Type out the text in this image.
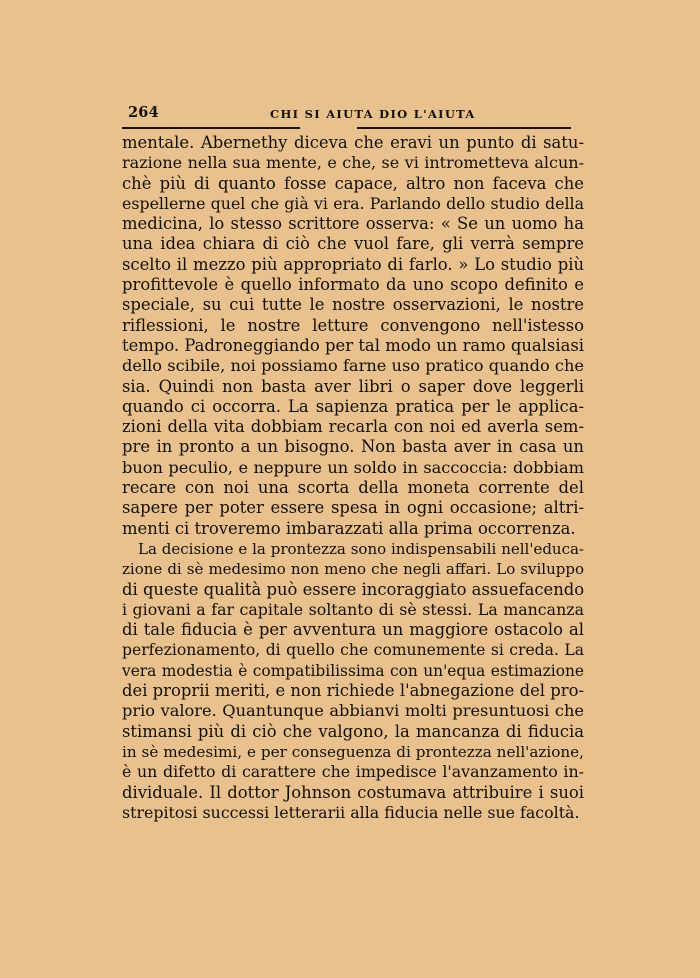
264	CHI SI AIUTA DIO L'AIUTA
mentale. Abernethy diceva che eravi un punto di satu-
razione nella sua mente, e che, se vi intrometteva alcun-
chè più di quanto fosse capace, altro non faceva che
espellerne quel che già vi era. Parlando dello studio della
medicina, lo stesso scrittore osserva: « Se un uomo ha
una idea chiara di ciò che vuol fare, gli verrà sempre
scelto il mezzo più appropriato di farlo. » Lo studio più
profittevole è quello informato da uno scopo definito e
speciale, su cui tutte le nostre osservazioni, le nostre
riflessioni, le nostre letture convengono nell'istesso
tempo. Padroneggiando per tal modo un ramo qualsiasi
dello scibile, noi possiamo farne uso pratico quando che
sia. Quindi non basta aver libri o saper dove leggerli
quando ci occorra. La sapienza pratica per le applica-
zioni della vita dobbiam recarla con noi ed averla sem-
pre in pronto a un bisogno. Non basta aver in casa un
buon peculio, e neppure un soldo in saccoccia: dobbiam
recare con noi una scorta della moneta corrente del
sapere per poter essere spesa in ogni occasione; altri-
menti ci troveremo imbarazzati alla prima occorrenza.
La decisione e la prontezza sono indispensabili nell'educa-
zione di sè medesimo non meno che negli affari. Lo sviluppo
di queste qualità può essere incoraggiato assuefacendo
i giovani a far capitale soltanto di sè stessi. La mancanza
di tale fiducia è per avventura un maggiore ostacolo al
perfezionamento, di quello che comunemente si creda. La
vera modestia è compatibilissima con un'equa estimazione
dei proprii meriti, e non richiede l'abnegazione del pro-
prio valore. Quantunque abbianvi molti presuntuosi che
stimansi più di ciò che valgono, la mancanza di fiducia
in sè medesimi, e per conseguenza di prontezza nell'azione,
è un difetto di carattere che impedisce l'avanzamento in-
dividuale. Il dottor Johnson costumava attribuire i suoi
strepitosi successi letterarii alla fiducia nelle sue facoltà.
